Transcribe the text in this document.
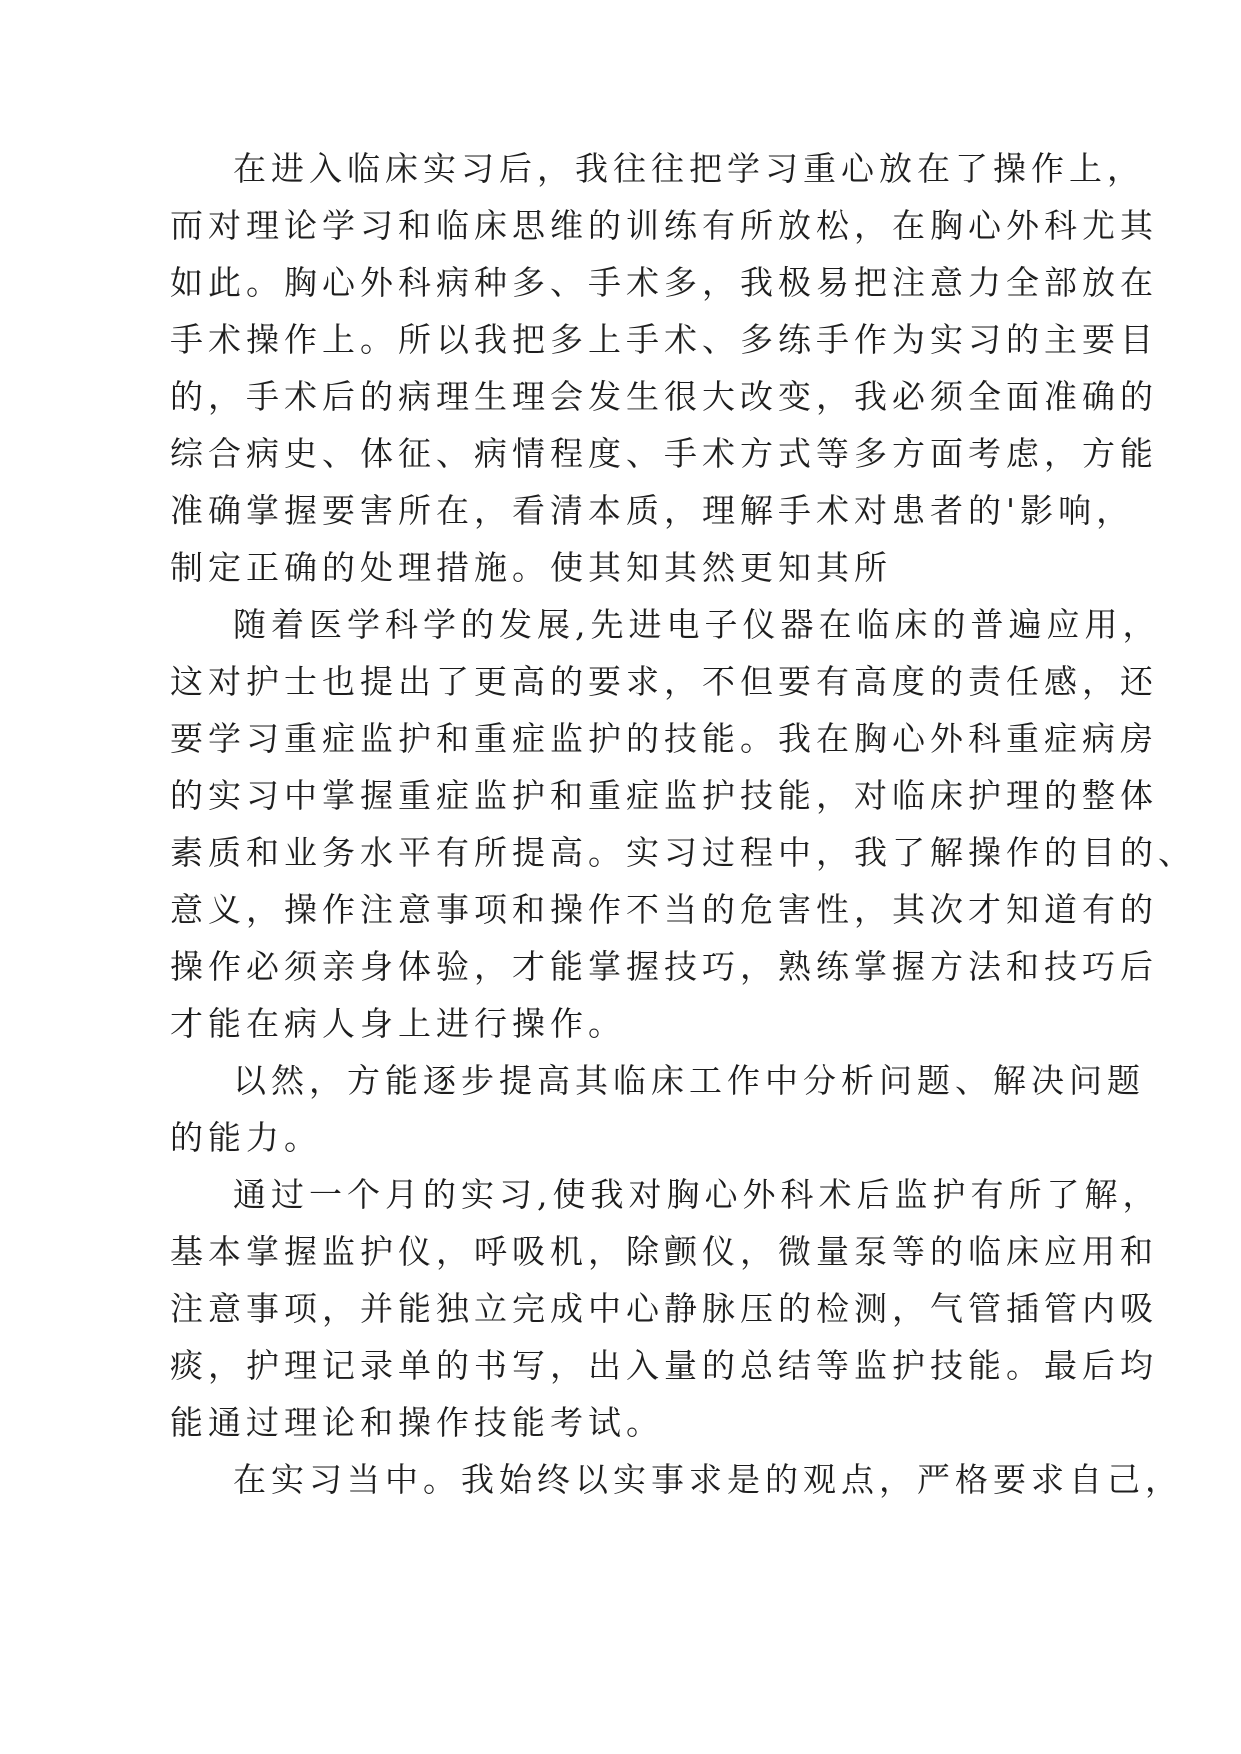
在进入临床实习后，我往往把学习重心放在了操作上，

而对理论学习和临床思维的训练有所放松，在胸心外科尤其

如此。胸心外科病种多、手术多，我极易把注意力全部放在

手术操作上。所以我把多上手术、多练手作为实习的主要目

的，手术后的病理生理会发生很大改变，我必须全面准确的

综合病史、体征、病情程度、手术方式等多方面考虑，方能

准确掌握要害所在，看清本质，理解手术对患者的'影响，

制定正确的处理措施。使其知其然更知其所

随着医学科学的发展,先进电子仪器在临床的普遍应用，

这对护士也提出了更高的要求，不但要有高度的责任感，还

要学习重症监护和重症监护的技能。我在胸心外科重症病房

的实习中掌握重症监护和重症监护技能，对临床护理的整体

素质和业务水平有所提高。实习过程中，我了解操作的目的、

意义，操作注意事项和操作不当的危害性，其次才知道有的

操作必须亲身体验，才能掌握技巧，熟练掌握方法和技巧后

才能在病人身上进行操作。

以然，方能逐步提高其临床工作中分析问题、解决问题

的能力。

通过一个月的实习,使我对胸心外科术后监护有所了解，

基本掌握监护仪，呼吸机，除颤仪，微量泵等的临床应用和

注意事项，并能独立完成中心静脉压的检测，气管插管内吸

痰，护理记录单的书写，出入量的总结等监护技能。最后均

能通过理论和操作技能考试。

在实习当中。我始终以实事求是的观点，严格要求自己，
